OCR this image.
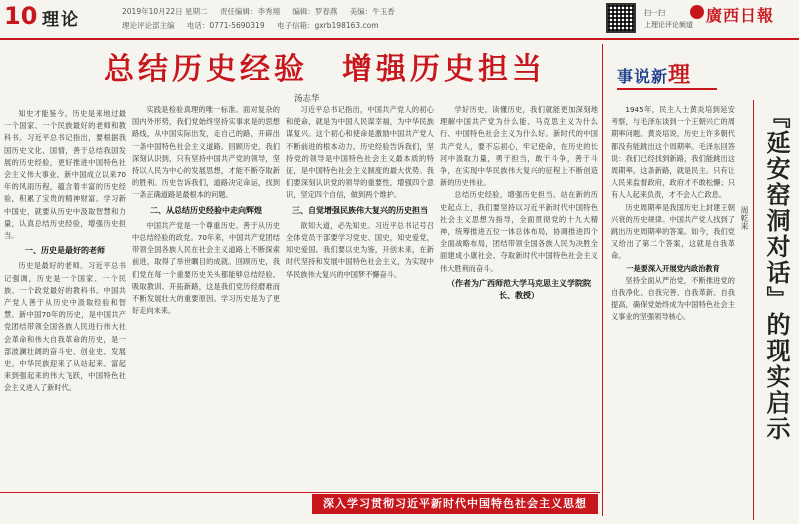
10 理论	2019年10月22日 星期二 责任编辑：李秀翔 编辑：罗春燕 美编：牛玉香
理论评论部主编 电话：0771-5690319 电子信箱：gxrb198163.com
扫一扫
上理论评论频道 廣西日報
总结历史经验　增强历史担当
汤志华

知史才能鉴今。历史是来地过最一个国家、一个民族最好的老师和教科书。习近平总书记指出，要根据我国历史文化、国情，善于总结我国发展的历史经验，更好推进中国特色社会主义伟大事业。新中国成立以来70年的风雨历程，蕴含着丰富的历史经验，积累了宝贵的精神财富。学习新中国史，就要从历史中汲取智慧和力量，认真总结历史经验，增强历史担当。

一、历史是最好的老师

历史是最好的老师。习近平总书记强调，历史是一个国家、一个民族、一个政党最好的教科书。中国共产党人善于从历史中汲取经验和智慧。新中国70年的历史，是中国共产党团结带领全国各族人民进行伟大社会革命和伟大自我革命的历史，是一部波澜壮阔的奋斗史、创业史、发展史。中华民族迎来了从站起来、富起来到强起来的伟大飞跃，中国特色社会主义进入了新时代。

实践是检验真理的唯一标准。面对复杂的国内外形势，我们党始终坚持实事求是的思想路线，从中国实际出发，走自己的路，开辟出一条中国特色社会主义道路。回顾历史，我们深刻认识到，只有坚持中国共产党的领导，坚持以人民为中心的发展思想，才能不断夺取新的胜利。历史告诉我们，道路决定命运，找到一条正确道路是最根本的问题。

二、从总结历史经验中走向辉煌

中国共产党是一个尊重历史、善于从历史中总结经验的政党。70年来，中国共产党团结带领全国各族人民在社会主义道路上不断探索前进，取得了举世瞩目的成就。回顾历史，我们党在每一个重要历史关头都能够总结经验、吸取教训、开拓新路，这是我们党历经磨难而不断发展壮大的重要原因。学习历史是为了更好走向未来。

习近平总书记指出，中国共产党人的初心和使命，就是为中国人民谋幸福，为中华民族谋复兴。这个初心和使命是激励中国共产党人不断前进的根本动力。历史经验告诉我们，坚持党的领导是中国特色社会主义最本质的特征，是中国特色社会主义制度的最大优势。我们要深刻认识党的领导的重要性，增强四个意识，坚定四个自信，做到两个维护。

三、自觉增强民族伟大复兴的历史担当

欲知大道，必先知史。习近平总书记号召全体党员干部要学习党史、国史，知史爱党，知史爱国。我们要以史为鉴，开创未来，在新时代坚持和发展中国特色社会主义，为实现中华民族伟大复兴的中国梦不懈奋斗。

学好历史，读懂历史，我们就能更加深刻地理解中国共产党为什么能、马克思主义为什么行、中国特色社会主义为什么好。新时代的中国共产党人，要不忘初心，牢记使命，在历史的长河中汲取力量，勇于担当，敢于斗争，善于斗争，在实现中华民族伟大复兴的征程上不断创造新的历史伟业。

总结历史经验，增强历史担当。站在新的历史起点上，我们要坚持以习近平新时代中国特色社会主义思想为指导，全面贯彻党的十九大精神，统筹推进五位一体总体布局，协调推进四个全面战略布局，团结带领全国各族人民为决胜全面建成小康社会、夺取新时代中国特色社会主义伟大胜利而奋斗。

（作者为广西师范大学马克思主义学院院长、教授）

深入学习贯彻习近平新时代中国特色社会主义思想
事说新理

1945年，民主人士黄炎培到延安考察，与毛泽东谈到一个王朝兴亡的周期率问题。黄炎培说，历史上许多朝代都没有能跳出这个周期率。毛泽东回答说：我们已经找到新路，我们能跳出这周期率。这条新路，就是民主。只有让人民来监督政府，政府才不敢松懈；只有人人起来负责，才不会人亡政息。

历史周期率是我国历史上封建王朝兴衰的历史规律。中国共产党人找到了跳出历史周期率的答案。如今，我们党又给出了第二个答案，这就是自我革命。

一是要深入开展党内政治教育

坚持全面从严治党，不断推进党的自我净化、自我完善、自我革新、自我提高，确保党始终成为中国特色社会主义事业的坚强领导核心。

周乾来 『延安窑洞对话』的现实启示
